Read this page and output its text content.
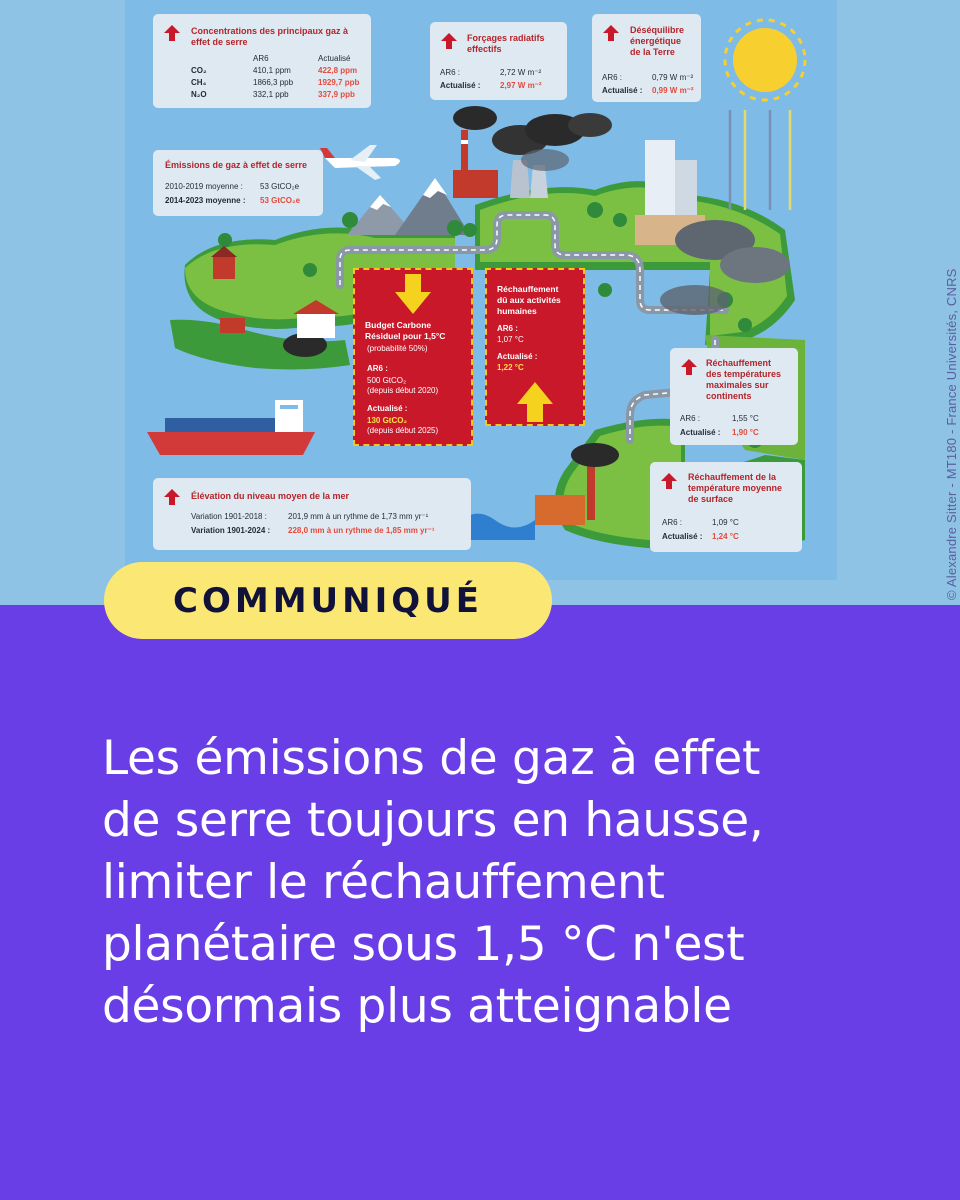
Concentrations des principaux gaz à
effet de serre
AR6	Actualisé
CO₂	410,1 ppm	422,8 ppm
CH₄	1866,3 ppb	1929,7 ppb
N₂O	332,1 ppb	337,9 ppb
Forçages radiatifs
effectifs
AR6 :	2,72 W m⁻²
Actualisé : 2,97 W m⁻²
Déséquilibre
énergétique
de la Terre
AR6 :	0,79 W m⁻²
Actualisé : 0,99 W m⁻²
Émissions de gaz à effet de serre
2010-2019 moyenne : 53 GtCO₂e
2014-2023 moyenne : 53 GtCO₂e
Budget Carbone
Résiduel pour 1,5°C
(probabilité 50%)
AR6 :
500 GtCO₂
(depuis début 2020)
Actualisé :
130 GtCO₂
(depuis début 2025)
Réchauffement
dû aux activités
humaines
AR6 :
1,07 °C
Actualisé :
1,22 °C	Réchauffement
des températures
maximales sur
continents
AR6 :	1,55 °C
Actualisé : 1,90 °C
Élévation du niveau moyen de la mer
Variation 1901-2018 :	201,9 mm à un rythme de 1,73 mm yr⁻¹
Variation 1901-2024 : 228,0 mm à un rythme de 1,85 mm yr⁻¹
Réchauffement de la
température moyenne
de surface
AR6 :	1,09 °C
Actualisé : 1,24 °C	© Alexandre Sitter - MT180 - France Universités, CNRS
COMMUNIQUÉ
Les émissions de gaz à effet
de serre toujours en hausse,
limiter le réchauffement
planétaire sous 1,5 °C n'est
désormais plus atteignable
